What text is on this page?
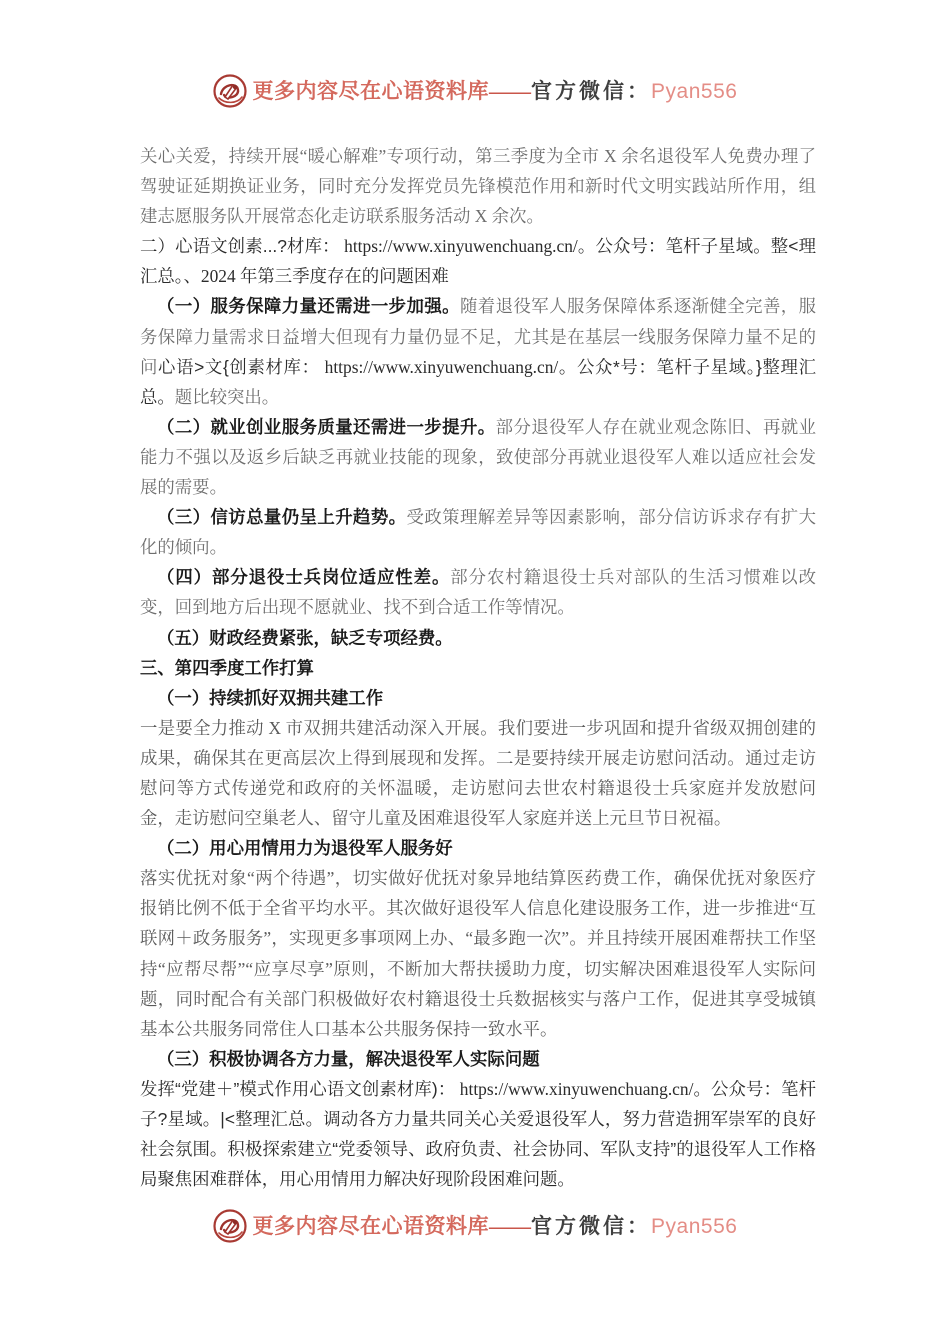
更多内容尽在心语资料库——官方微信：Pyan556

关心关爱，持续开展“暖心解难”专项行动，第三季度为全市 X 余名退役军人免费办理了驾驶证延期换证业务，同时充分发挥党员先锋模范作用和新时代文明实践站所作用，组建志愿服务队开展常态化走访联系服务活动 X 余次。

二）心语文创素...?材库： https://www.xinyuwenchuang.cn/。公众号：笔杆子星域。整<理汇总。、2024 年第三季度存在的问题困难

（一）服务保障力量还需进一步加强。随着退役军人服务保障体系逐渐健全完善，服务保障力量需求日益增大但现有力量仍显不足，尤其是在基层一线服务保障力量不足的问心语>文{创素材库： https://www.xinyuwenchuang.cn/。公众*号：笔杆子星域。}整理汇总。题比较突出。

（二）就业创业服务质量还需进一步提升。部分退役军人存在就业观念陈旧、再就业能力不强以及返乡后缺乏再就业技能的现象，致使部分再就业退役军人难以适应社会发展的需要。

（三）信访总量仍呈上升趋势。受政策理解差异等因素影响，部分信访诉求存有扩大化的倾向。

（四）部分退役士兵岗位适应性差。部分农村籍退役士兵对部队的生活习惯难以改变，回到地方后出现不愿就业、找不到合适工作等情况。

（五）财政经费紧张，缺乏专项经费。

三、第四季度工作打算

（一）持续抓好双拥共建工作

一是要全力推动 X 市双拥共建活动深入开展。我们要进一步巩固和提升省级双拥创建的成果，确保其在更高层次上得到展现和发挥。二是要持续开展走访慰问活动。通过走访慰问等方式传递党和政府的关怀温暖，走访慰问去世农村籍退役士兵家庭并发放慰问金，走访慰问空巢老人、留守儿童及困难退役军人家庭并送上元旦节日祝福。

（二）用心用情用力为退役军人服务好

落实优抚对象“两个待遇”，切实做好优抚对象异地结算医药费工作，确保优抚对象医疗报销比例不低于全省平均水平。其次做好退役军人信息化建设服务工作，进一步推进“互联网＋政务服务”，实现更多事项网上办、“最多跑一次”。并且持续开展困难帮扶工作坚持“应帮尽帮”“应享尽享”原则，不断加大帮扶援助力度，切实解决困难退役军人实际问题，同时配合有关部门积极做好农村籍退役士兵数据核实与落户工作，促进其享受城镇基本公共服务同常住人口基本公共服务保持一致水平。

（三）积极协调各方力量，解决退役军人实际问题

发挥“党建＋”模式作用心语文创素材库)： https://www.xinyuwenchuang.cn/。公众号：笔杆子?星域。|<整理汇总。调动各方力量共同关心关爱退役军人，努力营造拥军崇军的良好社会氛围。积极探索建立“党委领导、政府负责、社会协同、军队支持”的退役军人工作格局聚焦困难群体，用心用情用力解决好现阶段困难问题。

更多内容尽在心语资料库——官方微信：Pyan556
